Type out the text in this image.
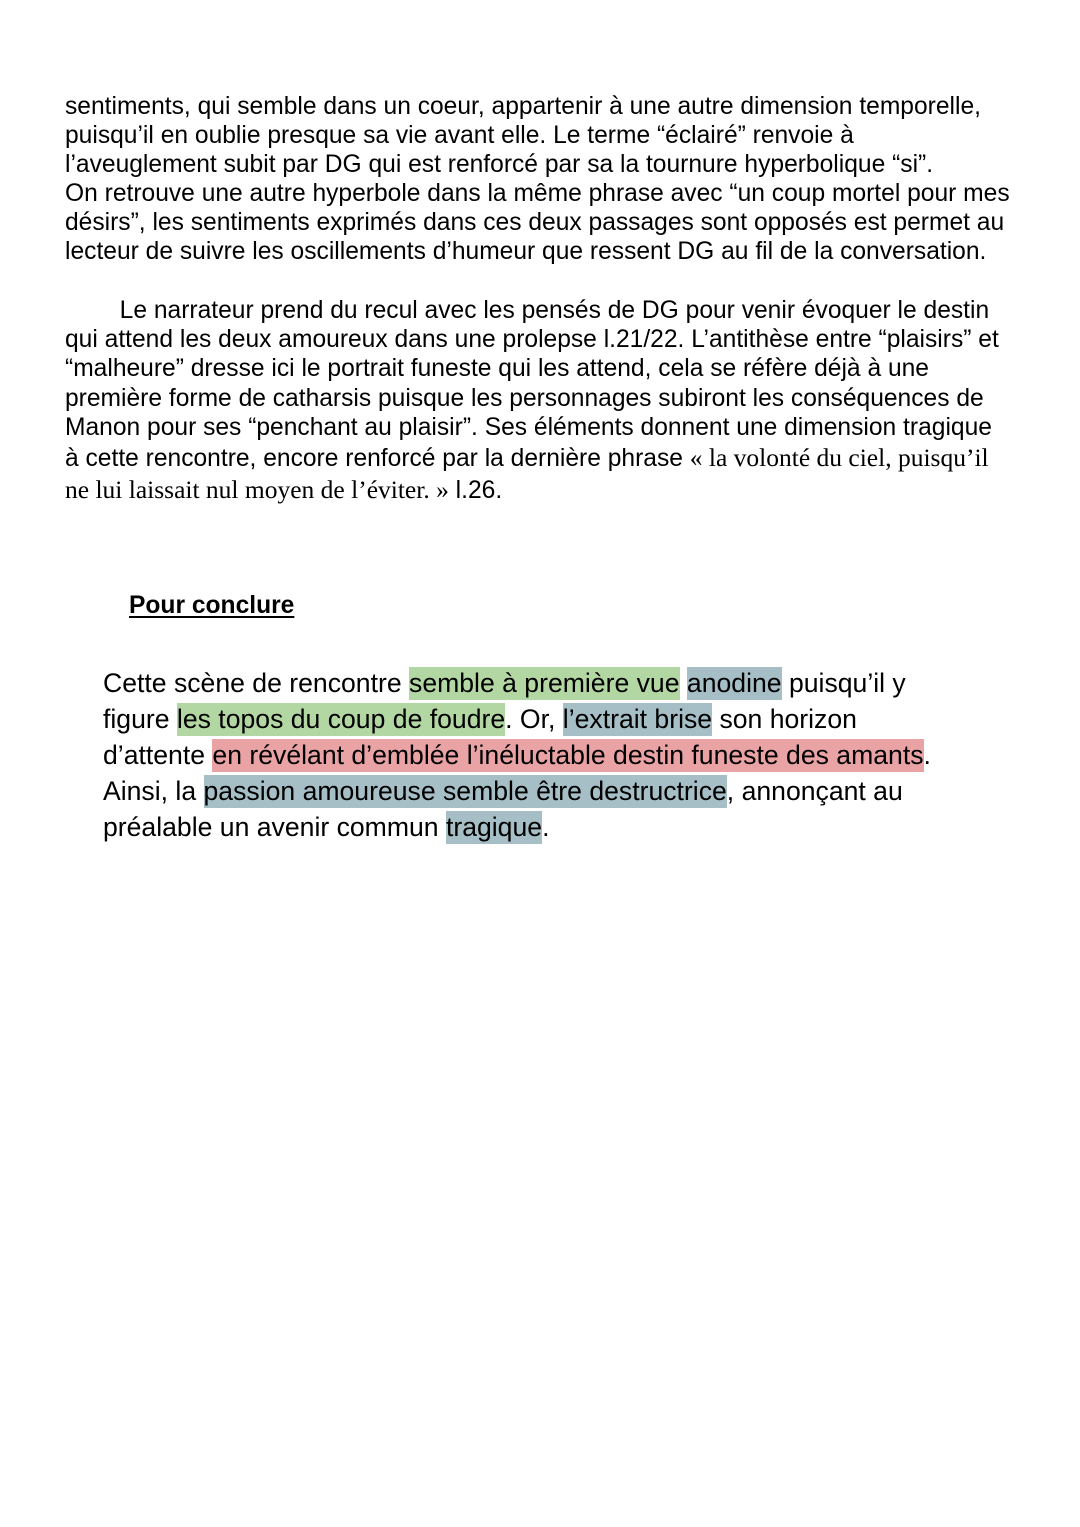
sentiments, qui semble dans un coeur, appartenir à une autre dimension temporelle,
puisqu’il en oublie presque sa vie avant elle. Le terme “éclairé” renvoie à
l’aveuglement subit par DG qui est renforcé par sa la tournure hyperbolique “si”.
On retrouve une autre hyperbole dans la même phrase avec “un coup mortel pour mes
désirs”, les sentiments exprimés dans ces deux passages sont opposés est permet au
lecteur de suivre les oscillements d’humeur que ressent DG au fil de la conversation.
Le narrateur prend du recul avec les pensés de DG pour venir évoquer le destin
qui attend les deux amoureux dans une prolepse l.21/22. L’antithèse entre “plaisirs” et
“malheure” dresse ici le portrait funeste qui les attend, cela se réfère déjà à une
première forme de catharsis puisque les personnages subiront les conséquences de
Manon pour ses “penchant au plaisir”. Ses éléments donnent une dimension tragique
à cette rencontre, encore renforcé par la dernière phrase « la volonté du ciel, puisqu’il
ne lui laissait nul moyen de l’éviter. » l.26.
Pour conclure
Cette scène de rencontre semble à première vue anodine puisqu’il y
figure les topos du coup de foudre. Or, l’extrait brise son horizon
d’attente en révélant d’emblée l’inéluctable destin funeste des amants.
Ainsi, la passion amoureuse semble être destructrice, annonçant au
préalable un avenir commun tragique.
